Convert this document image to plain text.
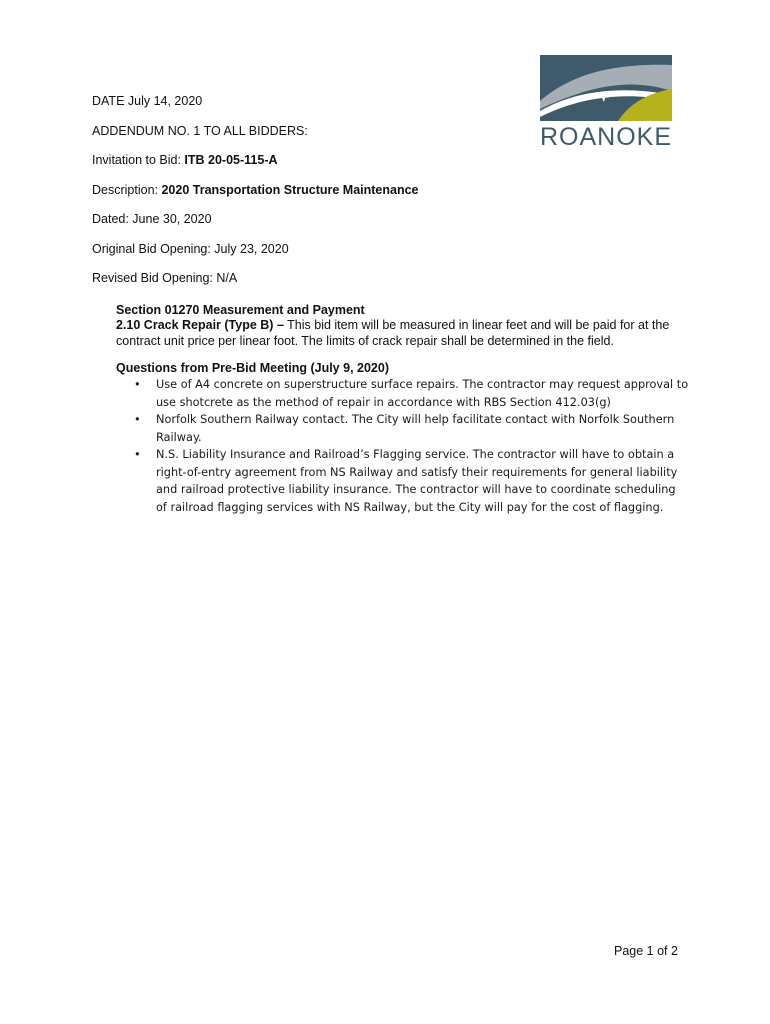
ROANOKE
DATE July 14, 2020
ADDENDUM NO. 1 TO ALL BIDDERS:
Invitation to Bid: ITB 20-05-115-A
Description: 2020 Transportation Structure Maintenance
Dated: June 30, 2020
Original Bid Opening: July 23, 2020
Revised Bid Opening: N/A
Section 01270 Measurement and Payment
2.10 Crack Repair (Type B) – This bid item will be measured in linear feet and will be paid for at the contract unit price per linear foot. The limits of crack repair shall be determined in the field.
Questions from Pre-Bid Meeting (July 9, 2020)
• Use of A4 concrete on superstructure surface repairs. The contractor may request approval to use shotcrete as the method of repair in accordance with RBS Section 412.03(g)
• Norfolk Southern Railway contact. The City will help facilitate contact with Norfolk Southern Railway.
• N.S. Liability Insurance and Railroad’s Flagging service. The contractor will have to obtain a right-of-entry agreement from NS Railway and satisfy their requirements for general liability and railroad protective liability insurance. The contractor will have to coordinate scheduling of railroad flagging services with NS Railway, but the City will pay for the cost of flagging.
Page 1 of 2
